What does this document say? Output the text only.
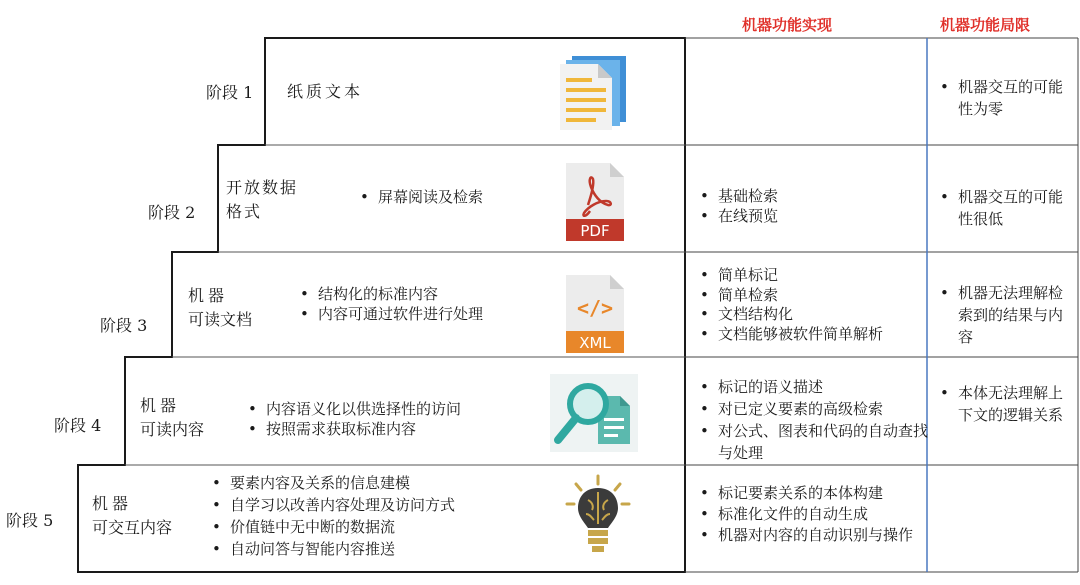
机器功能实现	机器功能局限
阶段 1 纸质文本
•	机器交互的可能性为零
阶段 2
开放数据
格式
• 屏幕阅读及检索
PDF
• 基础检索
• 在线预览
• 机器交互的可能性很低
阶段 3
机器
可读文档
• 结构化的标准内容
• 内容可通过软件进行处理	</>
XML
• 简单标记
• 简单检索
• 文档结构化
• 文档能够被软件简单解析
• 机器无法理解检索到的结果与内容
阶段 4
机器
可读内容
• 内容语义化以供选择性的访问
• 按照需求获取标准内容
• 标记的语义描述
• 对已定义要素的高级检索
• 对公式、图表和代码的自动查找与处理
• 本体无法理解上下文的逻辑关系
阶段 5
机器
可交互内容
• 要素内容及关系的信息建模
• 自学习以改善内容处理及访问方式
• 价值链中无中断的数据流
• 自动问答与智能内容推送
• 标记要素关系的本体构建
• 标准化文件的自动生成
• 机器对内容的自动识别与操作
